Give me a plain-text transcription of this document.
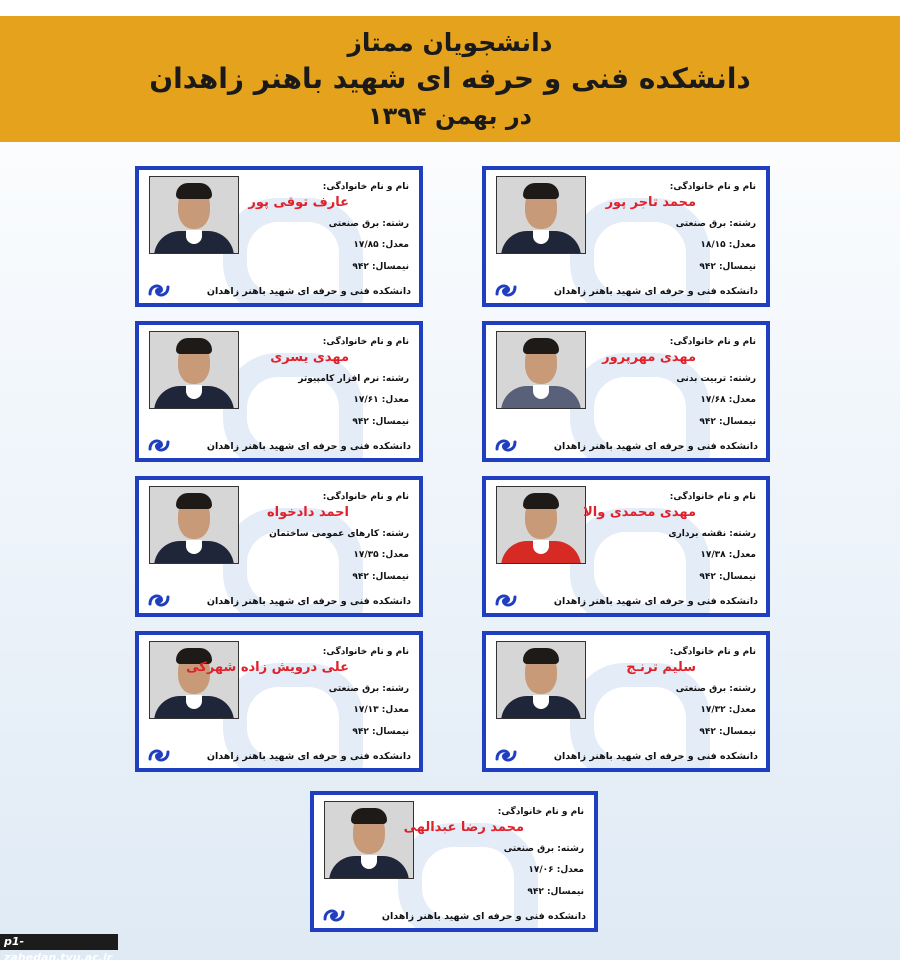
دانشجویان ممتاز
دانشکده فنی و حرفه ای شهید باهنر زاهدان
در بهمن ۱۳۹۴
نام و نام خانوادگی:
محمد تاجر پور
رشته: برق صنعتی
معدل: ۱۸/۱۵
نیمسال: ۹۴۲
دانشکده فنی و حرفه ای شهید باهنر زاهدان
نام و نام خانوادگی:
عارف توقی پور
رشته: برق صنعتی
معدل: ۱۷/۸۵
نیمسال: ۹۴۲
دانشکده فنی و حرفه ای شهید باهنر زاهدان
نام و نام خانوادگی:
مهدی مهرپرور
رشته: تربیت بدنی
معدل: ۱۷/۶۸
نیمسال: ۹۴۲
دانشکده فنی و حرفه ای شهید باهنر زاهدان
نام و نام خانوادگی:
مهدی یسری
رشته: نرم افزار کامپیوتر
معدل: ۱۷/۶۱
نیمسال: ۹۴۲
دانشکده فنی و حرفه ای شهید باهنر زاهدان
نام و نام خانوادگی:
مهدی محمدی والا
رشته: نقشه برداری
معدل: ۱۷/۳۸
نیمسال: ۹۴۲
دانشکده فنی و حرفه ای شهید باهنر زاهدان
نام و نام خانوادگی:
احمد دادخواه
رشته: کارهای عمومی ساختمان
معدل: ۱۷/۳۵
نیمسال: ۹۴۲
دانشکده فنی و حرفه ای شهید باهنر زاهدان
نام و نام خانوادگی:
سلیم ترنـج
رشته: برق صنعتی
معدل: ۱۷/۳۲
نیمسال: ۹۴۲
دانشکده فنی و حرفه ای شهید باهنر زاهدان
نام و نام خانوادگی:
علی درویش زاده شهرکی
رشته: برق صنعتی
معدل: ۱۷/۱۳
نیمسال: ۹۴۲
دانشکده فنی و حرفه ای شهید باهنر زاهدان
نام و نام خانوادگی:
محمد رضا عبدالهی
رشته: برق صنعتی
معدل: ۱۷/۰۶
نیمسال: ۹۴۲
دانشکده فنی و حرفه ای شهید باهنر زاهدان
p1-zahedan.tvu.ac.ir
